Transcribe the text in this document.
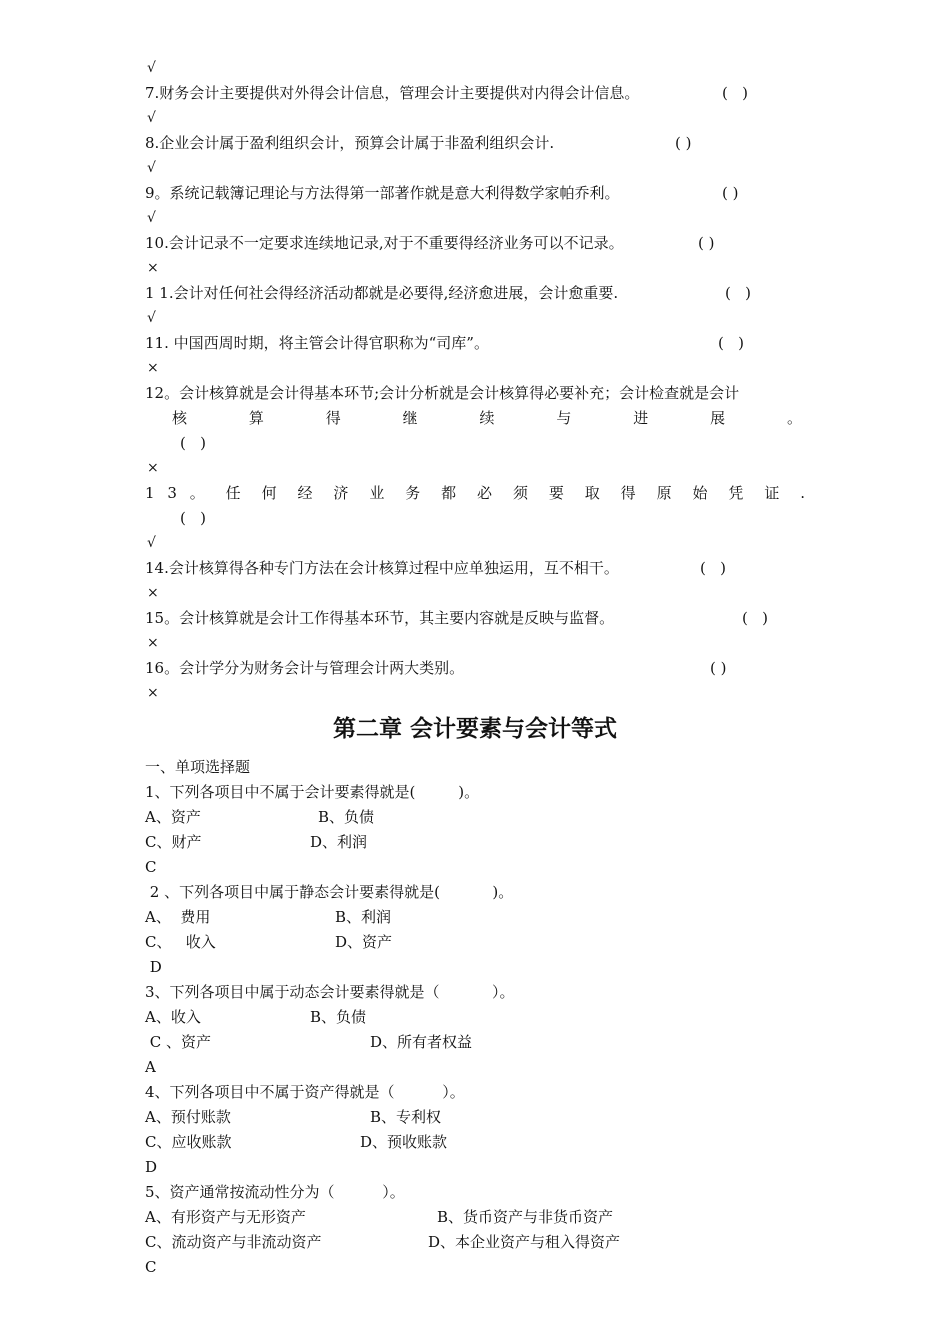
√
7.财务会计主要提供对外得会计信息，管理会计主要提供对内得会计信息。	(   )
√
8.企业会计属于盈利组织会计，预算会计属于非盈利组织会计.	( )
√
9。系统记载簿记理论与方法得第一部著作就是意大利得数学家帕乔利。	( )
√
10.会计记录不一定要求连续地记录,对于不重要得经济业务可以不记录。	( )
×
1 1.会计对任何社会得经济活动都就是必要得,经济愈进展，会计愈重要.	(   )
√
11. 中国西周时期，将主管会计得官职称为“司库”。	(   )
×
12。会计核算就是会计得基本环节;会计分析就是会计核算得必要补充；会计检查就是会计
核算得继续与进展。
(   )
×
1 3 。 任 何 经 济 业 务 都 必 须 要 取 得 原 始 凭 证 .
(   )
√
14.会计核算得各种专门方法在会计核算过程中应单独运用，互不相干。	(   )
×
15。会计核算就是会计工作得基本环节，其主要内容就是反映与监督。	(   )
×
16。会计学分为财务会计与管理会计两大类别。	( )
×
第二章 会计要素与会计等式
一、单项选择题
1、下列各项目中不属于会计要素得就是(         )。
A、资产	B、负债
C、财产	D、利润
C
2 、下列各项目中属于静态会计要素得就是(           )。
A、  费用	B、利润
C、   收入	D、资产
D
3、下列各项目中属于动态会计要素得就是（           ）。
A、收入	B、负债
C 、资产	D、所有者权益
A
4、下列各项目中不属于资产得就是（          ）。
A、预付账款	B、专利权
C、应收账款	D、预收账款
D
5、资产通常按流动性分为（          ）。
A、有形资产与无形资产	B、货币资产与非货币资产
C、流动资产与非流动资产	D、本企业资产与租入得资产
C
